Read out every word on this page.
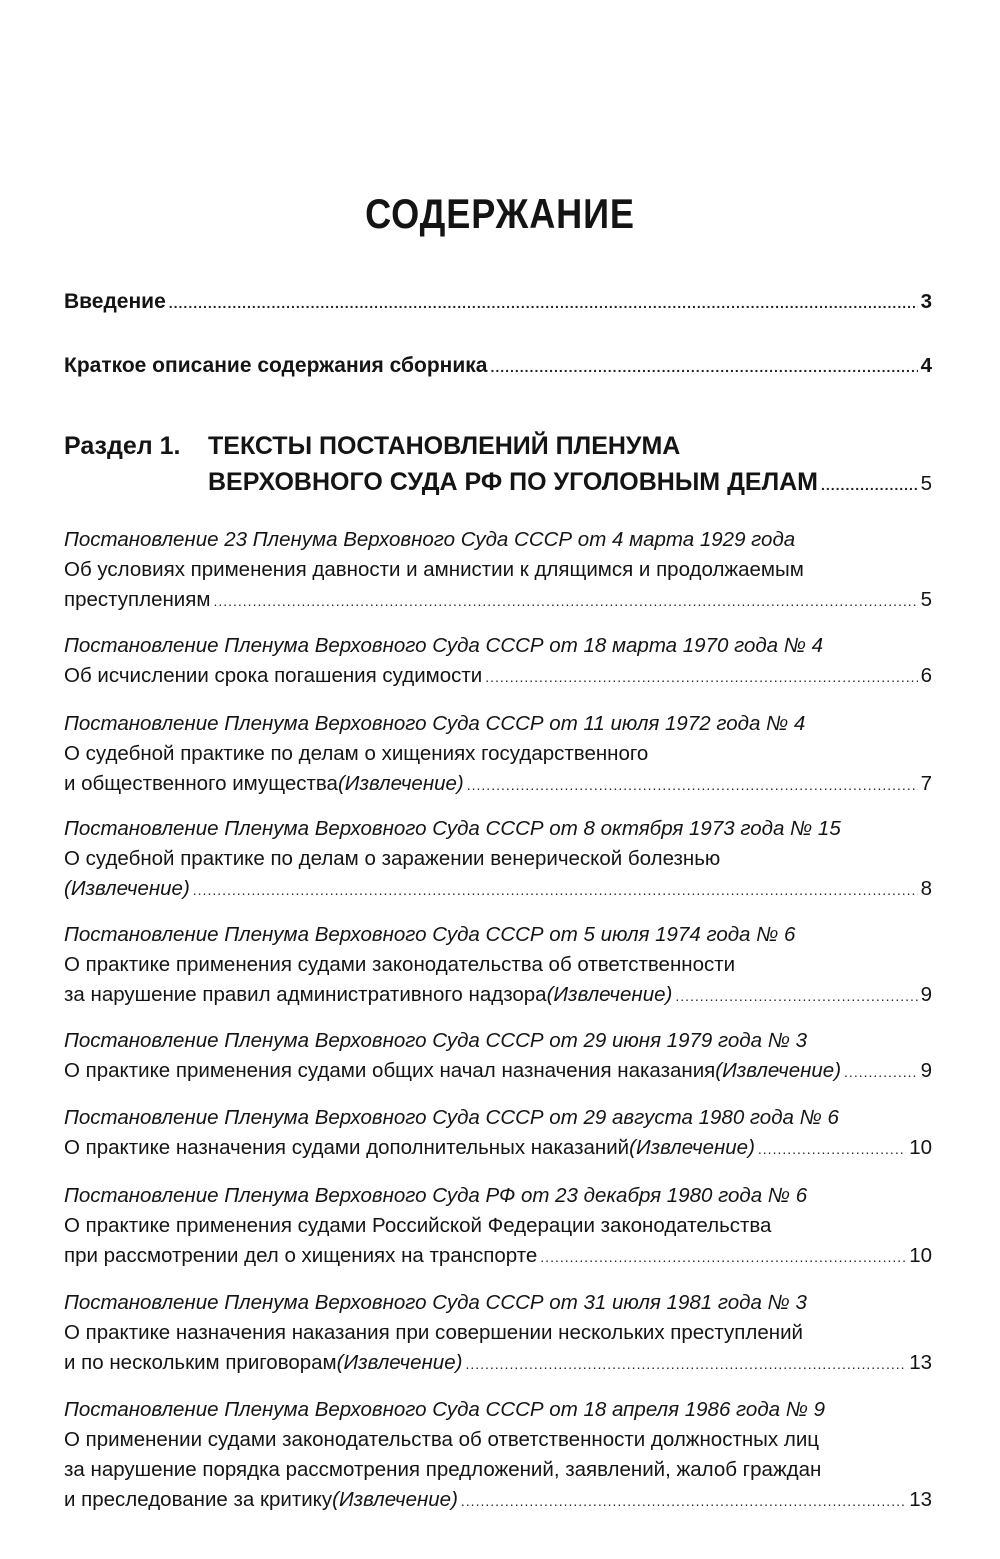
СОДЕРЖАНИЕ
Введение .....	3
Краткое описание содержания сборника .....	4
Раздел 1. ТЕКСТЫ ПОСТАНОВЛЕНИЙ ПЛЕНУМА
ВЕРХОВНОГО СУДА РФ ПО УГОЛОВНЫМ ДЕЛАМ .....	5
Постановление 23 Пленума Верховного Суда СССР от 4 марта 1929 года
Об условиях применения давности и амнистии к длящимся и продолжаемым
преступлениям .....	5
Постановление Пленума Верховного Суда СССР от 18 марта 1970 года № 4
Об исчислении срока погашения судимости .....	6
Постановление Пленума Верховного Суда СССР от 11 июля 1972 года № 4
О судебной практике по делам о хищениях государственного
и общественного имущества (Извлечение) .....	7
Постановление Пленума Верховного Суда СССР от 8 октября 1973 года № 15
О судебной практике по делам о заражении венерической болезнью
(Извлечение) .....	8
Постановление Пленума Верховного Суда СССР от 5 июля 1974 года № 6
О практике применения судами законодательства об ответственности
за нарушение правил административного надзора (Извлечение) .....	9
Постановление Пленума Верховного Суда СССР от 29 июня 1979 года № 3
О практике применения судами общих начал назначения наказания (Извлечение) .....	9
Постановление Пленума Верховного Суда СССР от 29 августа 1980 года № 6
О практике назначения судами дополнительных наказаний (Извлечение) .....	10
Постановление Пленума Верховного Суда РФ от 23 декабря 1980 года № 6
О практике применения судами Российской Федерации законодательства
при рассмотрении дел о хищениях на транспорте .....	10
Постановление Пленума Верховного Суда СССР от 31 июля 1981 года № 3
О практике назначения наказания при совершении нескольких преступлений
и по нескольким приговорам (Извлечение) .....	13
Постановление Пленума Верховного Суда СССР от 18 апреля 1986 года № 9
О применении судами законодательства об ответственности должностных лиц
за нарушение порядка рассмотрения предложений, заявлений, жалоб граждан
и преследование за критику (Извлечение) .....	13
